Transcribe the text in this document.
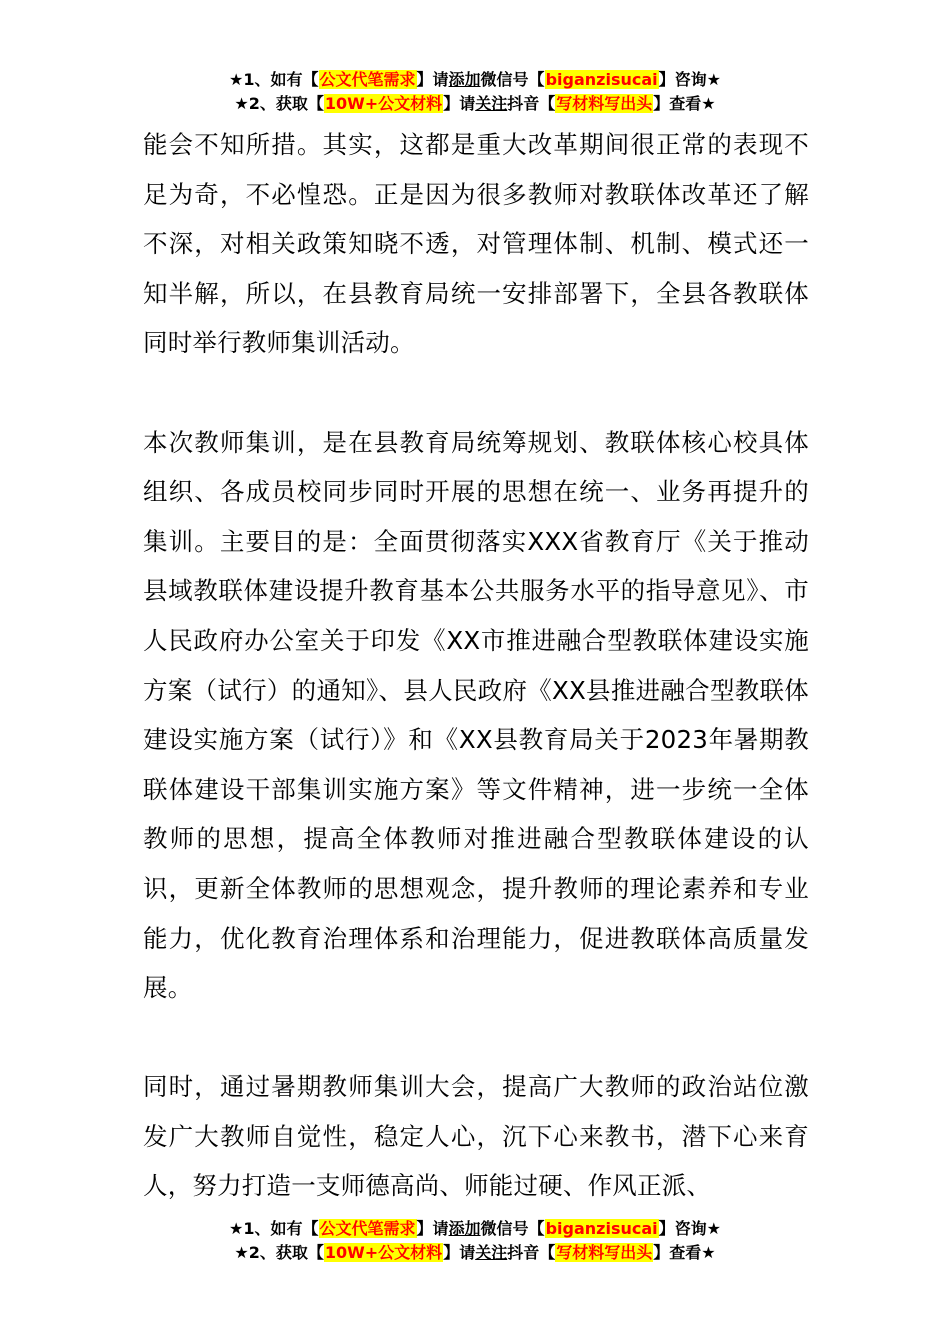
★1、如有【公文代笔需求】请添加微信号【biganzisucai】咨询★
★2、获取【10W+公文材料】请关注抖音【写材料写出头】查看★

能会不知所措。其实，这都是重大改革期间很正常的表现不足为奇，不必惶恐。正是因为很多教师对教联体改革还了解不深，对相关政策知晓不透，对管理体制、机制、模式还一知半解，所以，在县教育局统一安排部署下，全县各教联体同时举行教师集训活动。

本次教师集训，是在县教育局统筹规划、教联体核心校具体组织、各成员校同步同时开展的思想在统一、业务再提升的集训。主要目的是：全面贯彻落实XXX省教育厅《关于推动县域教联体建设提升教育基本公共服务水平的指导意见》、市人民政府办公室关于印发《XX市推进融合型教联体建设实施方案（试行）的通知》、县人民政府《XX县推进融合型教联体建设实施方案（试行）》和《XX县教育局关于2023年暑期教联体建设干部集训实施方案》等文件精神，进一步统一全体教师的思想，提高全体教师对推进融合型教联体建设的认识，更新全体教师的思想观念，提升教师的理论素养和专业能力，优化教育治理体系和治理能力，促进教联体高质量发展。

同时，通过暑期教师集训大会，提高广大教师的政治站位激发广大教师自觉性，稳定人心，沉下心来教书，潜下心来育人，努力打造一支师德高尚、师能过硬、作风正派、

★1、如有【公文代笔需求】请添加微信号【biganzisucai】咨询★
★2、获取【10W+公文材料】请关注抖音【写材料写出头】查看★
